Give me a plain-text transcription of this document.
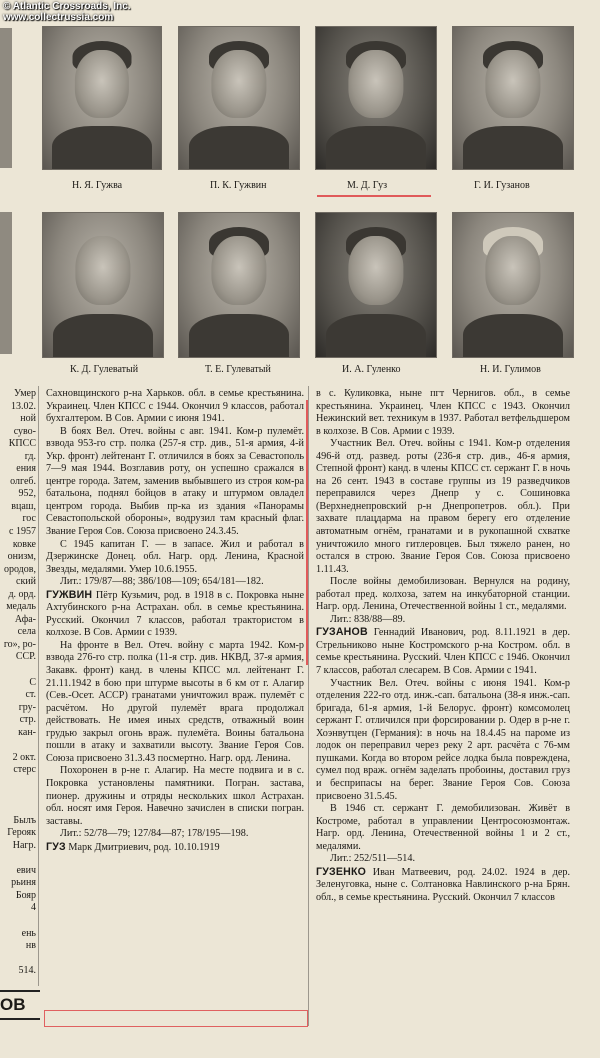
© Atlantic Crossroads, Inc.
www.collectrussia.com
Н. Я. Гужва	П. К. Гужвин	М. Д. Гуз	Г. И. Гузанов
К. Д. Гулеватый	Т. Е. Гулеватый	И. А. Гуленко	Н. И. Гулимов
Умер
13.02.
ной
суво-
КПСС
гд.
ения
олгеб.
952,
вцаш,
гос
с 1957
ковке
онизм,
ородов,
ский
д. орд.
медаль
Афа-
села
го», ро-
ССР.
С
ст.
гру-
стр.
кан-
2 окт.
стерс
Былъ
Герояк
Нагр.
евич
рьиня
Бояр
4
ень
нв
514.

Сахновщинского р-на Харьков. обл. в семье крестьянина. Украинец. Член КПСС с 1944. Окончил 9 классов, работал бухгалтером. В Сов. Армии с июня 1941.

В боях Вел. Отеч. войны с авг. 1941. Ком-р пулемёт. взвода 953-го стр. полка (257-я стр. див., 51-я армия, 4-й Укр. фронт) лейтенант Г. отличился в боях за Севастополь 7—9 мая 1944. Возглавив роту, он успешно сражался в центре города. Затем, заменив выбывшего из строя ком-ра батальона, поднял бойцов в атаку и штурмом овладел центром города. Выбив пр-ка из здания «Панорамы Севастопольской обороны», водрузил там красный флаг. Звание Героя Сов. Союза присвоено 24.3.45.

С 1945 капитан Г. — в запасе. Жил и работал в Дзержинске Донец. обл. Нагр. орд. Ленина, Красной Звезды, медалями. Умер 10.6.1955.

Лит.: 179/87—88; 386/108—109; 654/181—182.

ГУЖВИН Пётр Кузьмич, род. в 1918 в с. Покровка ныне Ахтубинского р-на Астрахан. обл. в семье крестьянина. Русский. Окончил 7 классов, работал трактористом в колхозе. В Сов. Армии с 1939.

На фронте в Вел. Отеч. войну с марта 1942. Ком-р взвода 276-го стр. полка (11-я стр. див. НКВД, 37-я армия, Закавк. фронт) канд. в члены КПСС мл. лейтенант Г. 21.11.1942 в бою при штурме высоты в 6 км от г. Алагир (Сев.-Осет. АССР) гранатами уничтожил враж. пулемёт с расчётом. Но другой пулемёт врага продолжал действовать. Не имея иных средств, отважный воин грудью закрыл огонь враж. пулемёта. Воины батальона пошли в атаку и захватили высоту. Звание Героя Сов. Союза присвоено 31.3.43 посмертно. Нагр. орд. Ленина.

Похоронен в р-не г. Алагир. На месте подвига и в с. Покровка установлены памятники. Погран. застава, пионер. дружины и отряды нескольких школ Астрахан. обл. носят имя Героя. Навечно зачислен в списки погран. заставы.

Лит.: 52/78—79; 127/84—87; 178/195—198.

ГУЗ Марк Дмитриевич, род. 10.10.1919

в с. Куликовка, ныне пгт Чернигов. обл., в семье крестьянина. Украинец. Член КПСС с 1943. Окончил Нежинский вет. техникум в 1937. Работал ветфельдшером в колхозе. В Сов. Армии с 1939.

Участник Вел. Отеч. войны с 1941. Ком-р отделения 496-й отд. развед. роты (236-я стр. див., 46-я армия, Степной фронт) канд. в члены КПСС ст. сержант Г. в ночь на 26 сент. 1943 в составе группы из 19 разведчиков переправился через Днепр у с. Сошиновка (Верхнеднепровский р-н Днепропетров. обл.). При захвате плацдарма на правом берегу его отделение автоматным огнём, гранатами и в рукопашной схватке уничтожило много гитлеровцев. Был тяжело ранен, но остался в строю. Звание Героя Сов. Союза присвоено 1.11.43.

После войны демобилизован. Вернулся на родину, работал пред. колхоза, затем на инкубаторной станции. Нагр. орд. Ленина, Отечественной войны 1 ст., медалями.

Лит.: 838/88—89.

ГУЗАНОВ Геннадий Иванович, род. 8.11.1921 в дер. Стрельниково ныне Костромского р-на Костром. обл. в семье крестьянина. Русский. Член КПСС с 1946. Окончил 7 классов, работал слесарем. В Сов. Армии с 1941.

Участник Вел. Отеч. войны с июня 1941. Ком-р отделения 222-го отд. инж.-сап. батальона (38-я инж.-сап. бригада, 61-я армия, 1-й Белорус. фронт) комсомолец сержант Г. отличился при форсировании р. Одер в р-не г. Хоэнвутцен (Германия): в ночь на 18.4.45 на пароме из лодок он переправил через реку 2 арт. расчёта с 76-мм пушками. Когда во втором рейсе лодка была повреждена, сумел под враж. огнём заделать пробоины, доставил груз и бесприпасы на берег. Звание Героя Сов. Союза присвоено 31.5.45.

В 1946 ст. сержант Г. демобилизован. Живёт в Костроме, работал в управлении Центросоюзмонтаж. Нагр. орд. Ленина, Отечественной войны 1 и 2 ст., медалями.

Лит.: 252/511—514.

ГУЗЕНКО Иван Матвеевич, род. 24.02. 1924 в дер. Зеленуговка, ныне с. Солтановка Навлинского р-на Брян. обл., в семье крестьянина. Русский. Окончил 7 классов

ОВ
